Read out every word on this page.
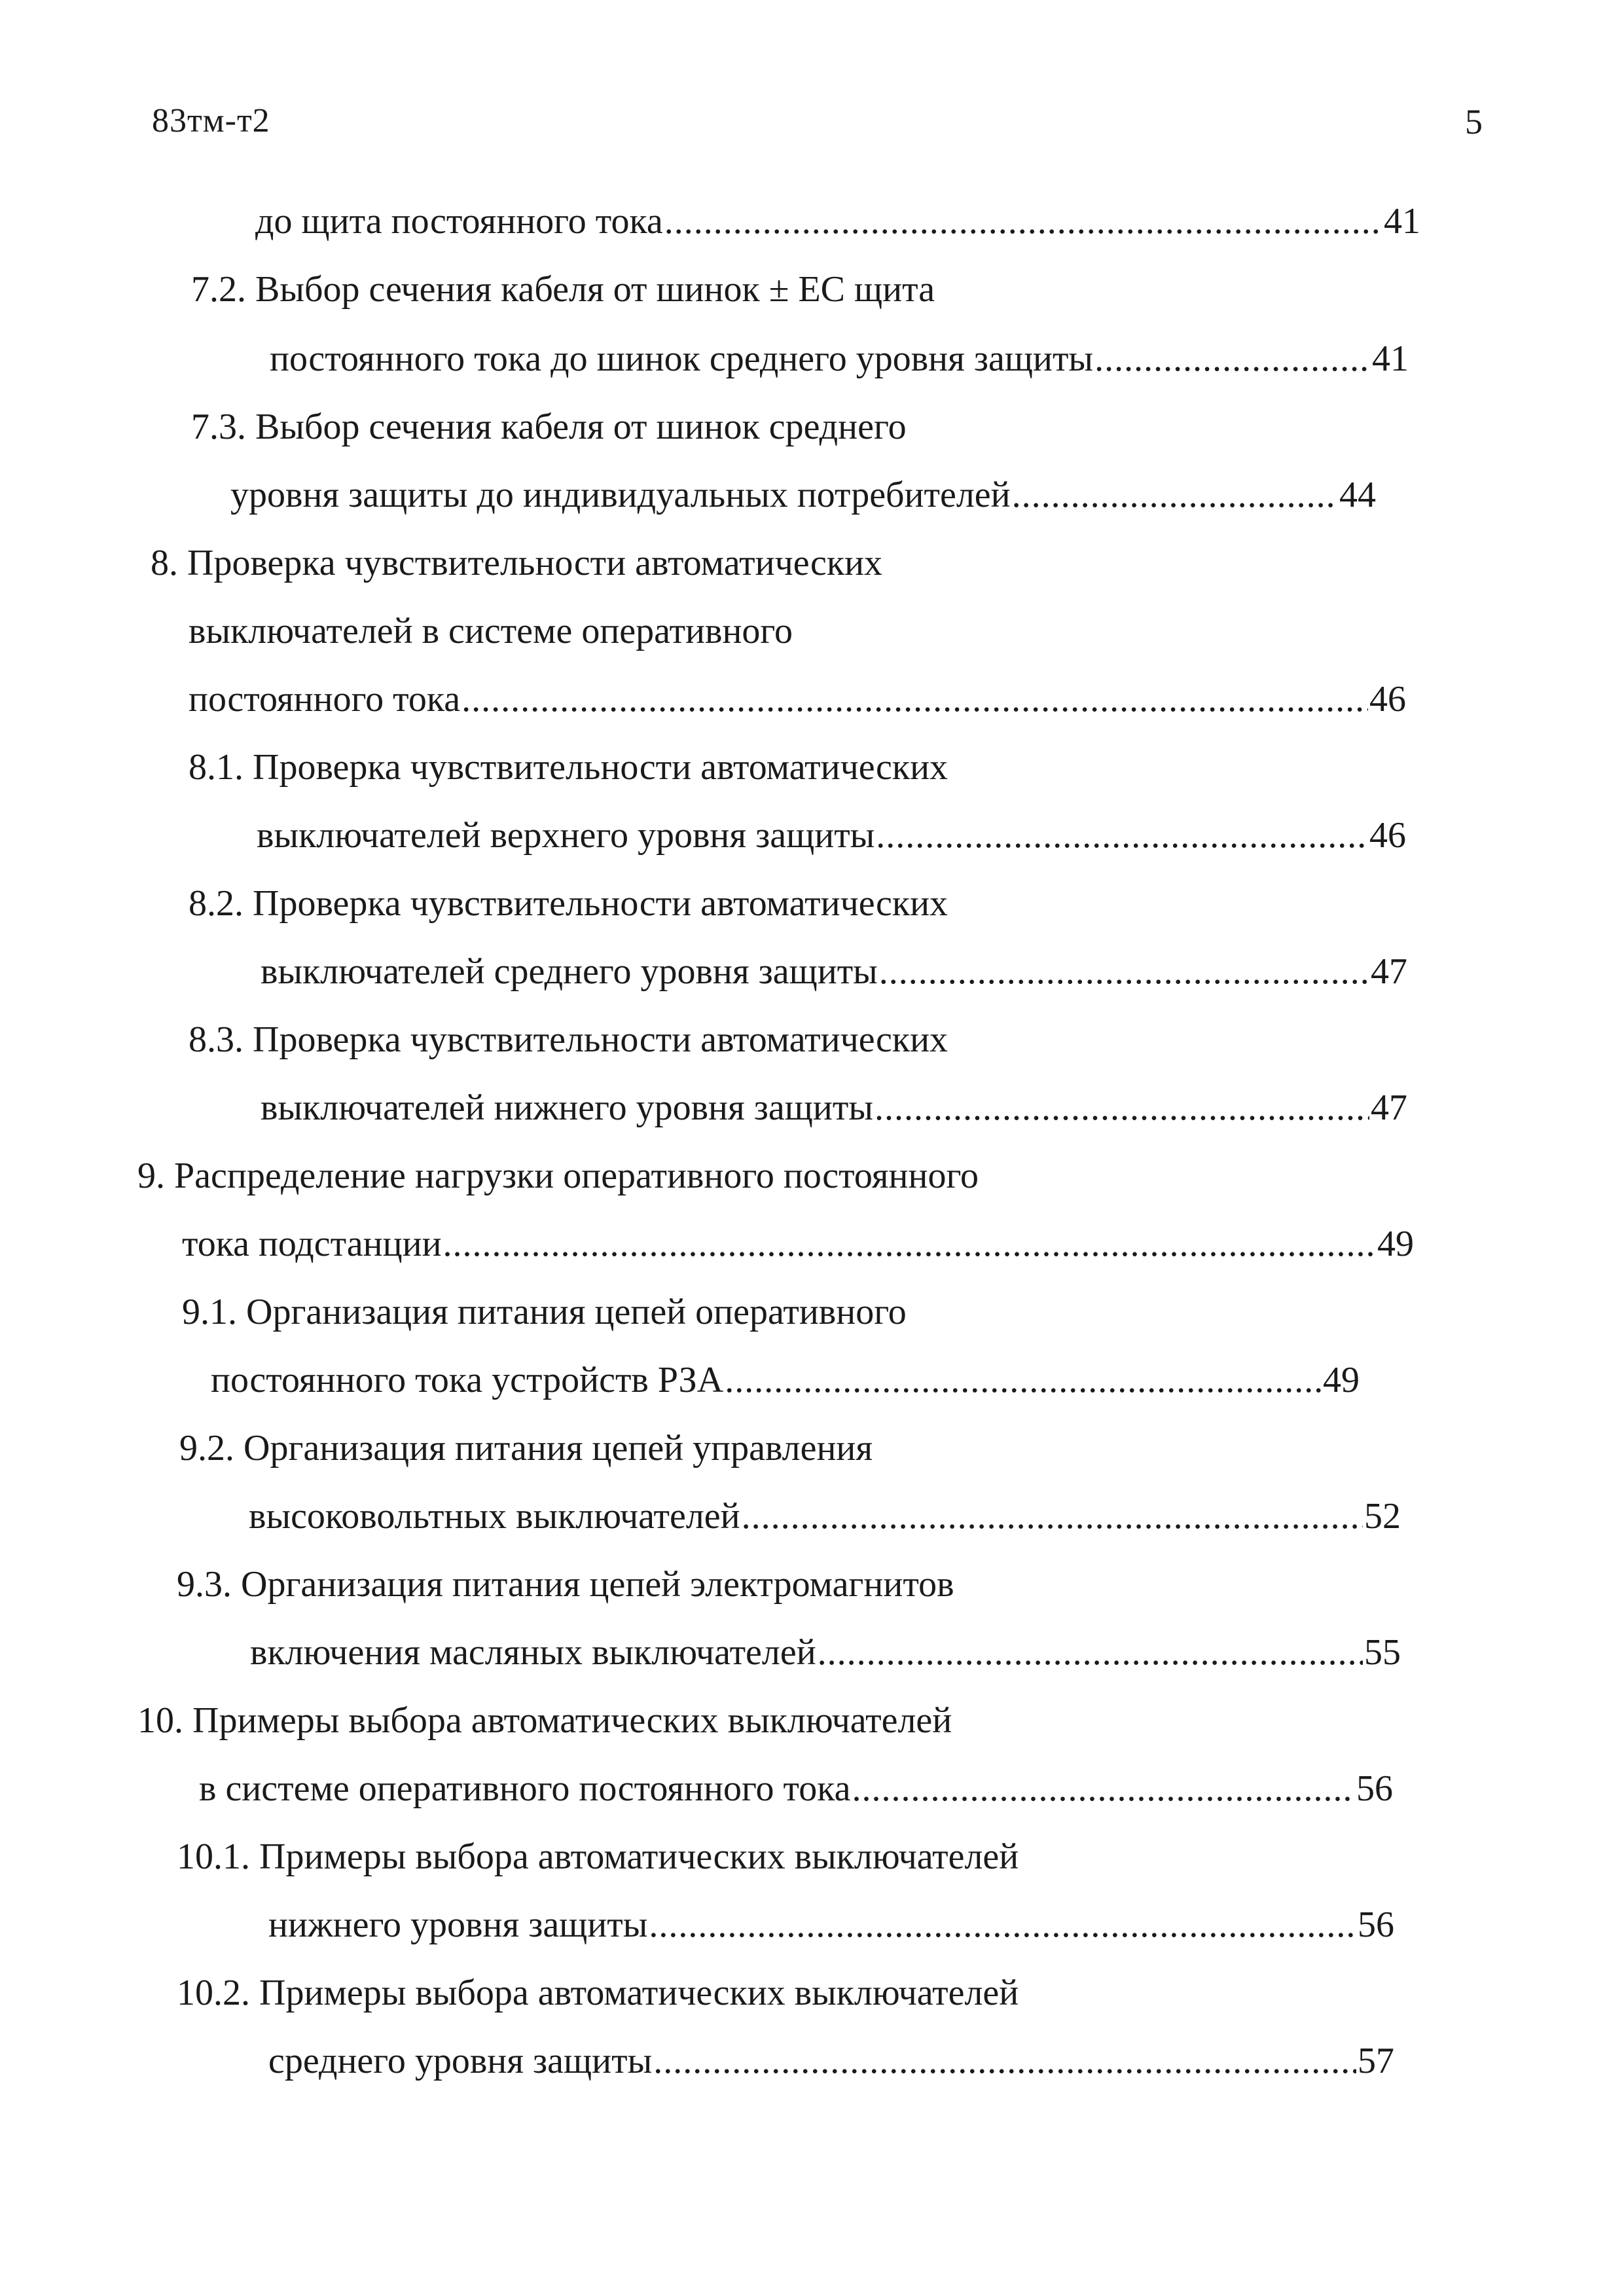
83тм-т2	5
до щита постоянного тока .....	41
7.2. Выбор сечения кабеля от шинок ± ЕС щита
постоянного тока до шинок среднего уровня защиты .....	41
7.3. Выбор сечения кабеля от шинок среднего
уровня защиты до индивидуальных потребителей .....	44
8. Проверка чувствительности автоматических
выключателей в системе оперативного
постоянного тока .....	46
8.1. Проверка чувствительности автоматических
выключателей верхнего уровня защиты .....	46
8.2. Проверка чувствительности автоматических
выключателей среднего уровня защиты .....	47
8.3. Проверка чувствительности автоматических
выключателей нижнего уровня защиты .....	47
9. Распределение нагрузки оперативного постоянного
тока подстанции .....	49
9.1. Организация питания цепей оперативного
постоянного тока устройств РЗА .....	49
9.2. Организация питания цепей управления
высоковольтных выключателей .....	52
9.3. Организация питания цепей электромагнитов
включения масляных выключателей .....	55
10. Примеры выбора автоматических выключателей
в системе оперативного постоянного тока .....	56
10.1. Примеры выбора автоматических выключателей
нижнего уровня защиты .....	56
10.2. Примеры выбора автоматических выключателей
среднего уровня защиты .....	57
